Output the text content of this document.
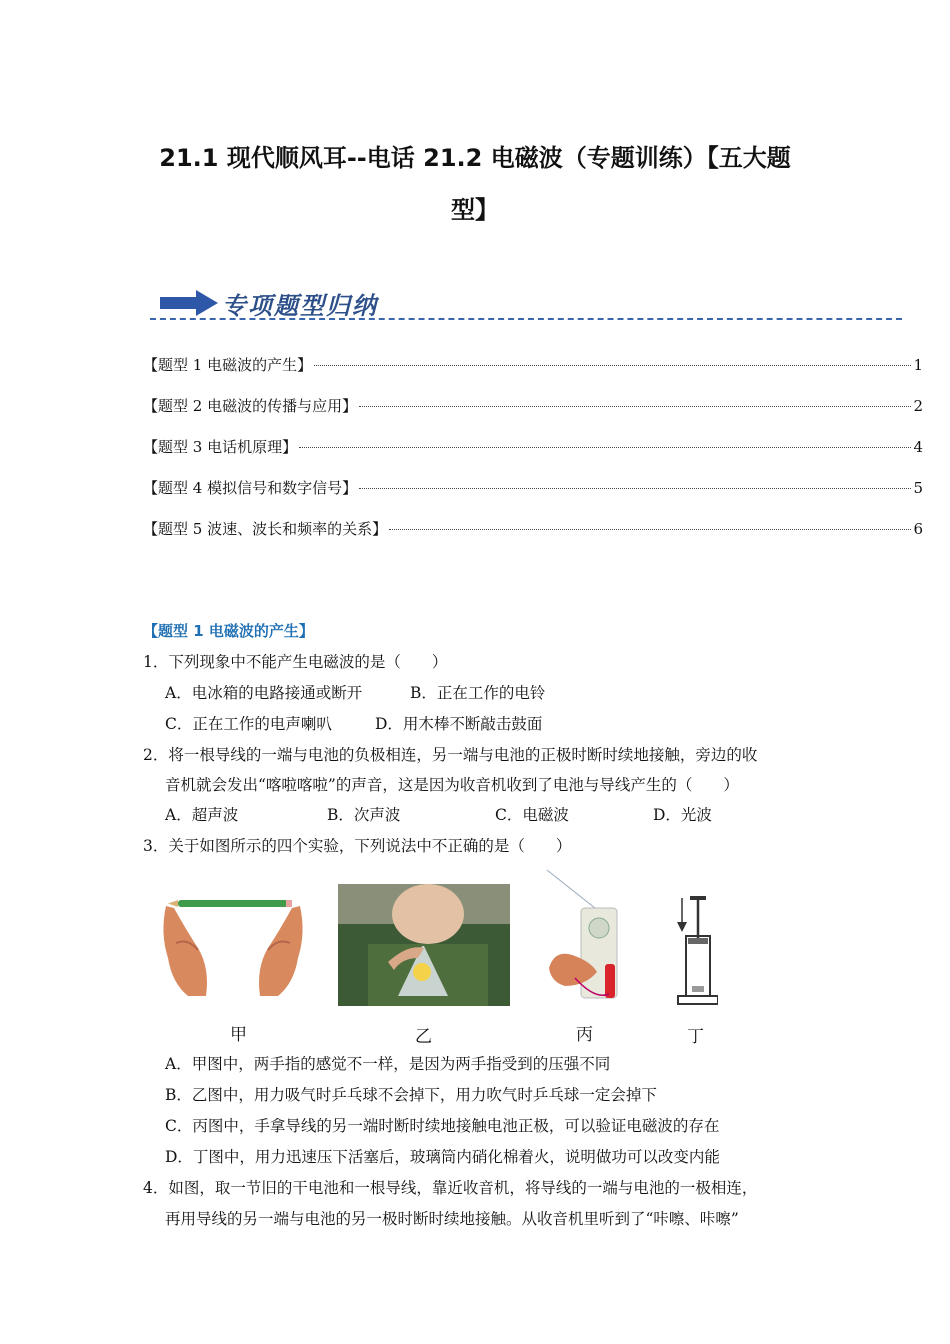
21.1 现代顺风耳--电话 21.2 电磁波（专题训练）【五大题
型】
专项题型归纳
【题型 1 电磁波的产生】	1
【题型 2 电磁波的传播与应用】	2
【题型 3 电话机原理】	4
【题型 4 模拟信号和数字信号】	5
【题型 5 波速、波长和频率的关系】	6
【题型 1 电磁波的产生】
1．下列现象中不能产生电磁波的是（　　）
A．电冰箱的电路接通或断开	B．正在工作的电铃
C．正在工作的电声喇叭	D．用木棒不断敲击鼓面
2．将一根导线的一端与电池的负极相连，另一端与电池的正极时断时续地接触，旁边的收
音机就会发出“喀啦喀啦”的声音，这是因为收音机收到了电池与导线产生的（　　）
A．超声波	B．次声波	C．电磁波	D．光波
3．关于如图所示的四个实验，下列说法中不正确的是（　　）
甲	乙	丙	丁
A．甲图中，两手指的感觉不一样，是因为两手指受到的压强不同
B．乙图中，用力吸气时乒乓球不会掉下，用力吹气时乒乓球一定会掉下
C．丙图中，手拿导线的另一端时断时续地接触电池正极，可以验证电磁波的存在
D．丁图中，用力迅速压下活塞后，玻璃筒内硝化棉着火，说明做功可以改变内能
4．如图，取一节旧的干电池和一根导线，靠近收音机，将导线的一端与电池的一极相连，
再用导线的另一端与电池的另一极时断时续地接触。从收音机里听到了“咔嚓、咔嚓”
